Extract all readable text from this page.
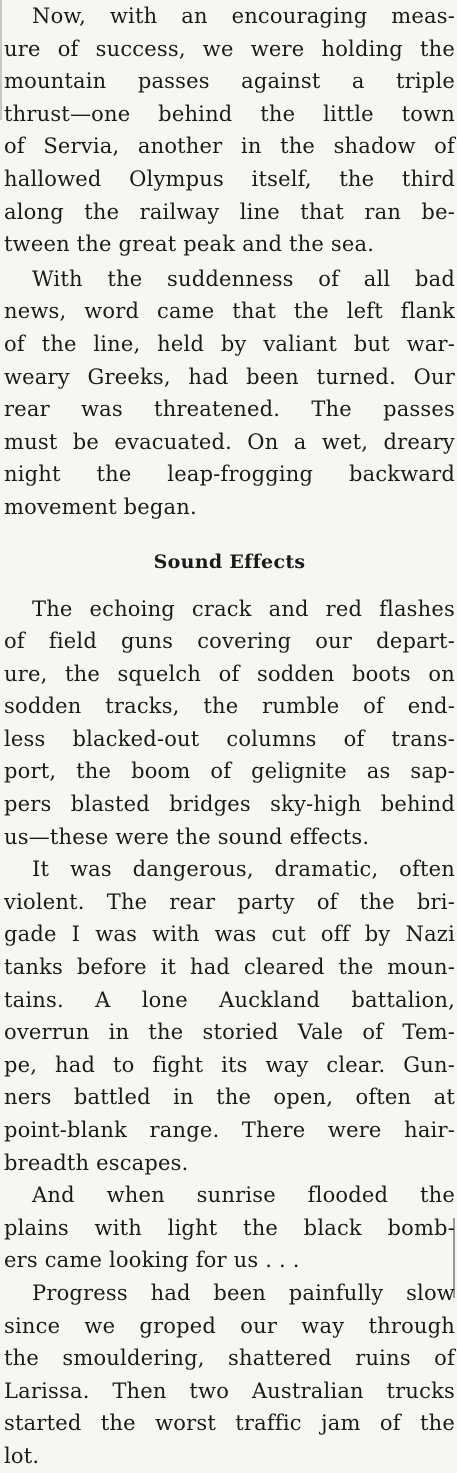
Now, with an encouraging meas-
ure of success, we were holding the
mountain passes against a triple
thrust—one behind the little town
of Servia, another in the shadow of
hallowed Olympus itself, the third
along the railway line that ran be-
tween the great peak and the sea.
With the suddenness of all bad
news, word came that the left flank
of the line, held by valiant but war-
weary Greeks, had been turned. Our
rear was threatened. The passes
must be evacuated. On a wet, dreary
night the leap-frogging backward
movement began.
Sound Effects
The echoing crack and red flashes
of field guns covering our depart-
ure, the squelch of sodden boots on
sodden tracks, the rumble of end-
less blacked-out columns of trans-
port, the boom of gelignite as sap-
pers blasted bridges sky-high behind
us—these were the sound effects.
It was dangerous, dramatic, often
violent. The rear party of the bri-
gade I was with was cut off by Nazi
tanks before it had cleared the moun-
tains. A lone Auckland battalion,
overrun in the storied Vale of Tem-
pe, had to fight its way clear. Gun-
ners battled in the open, often at
point-blank range. There were hair-
breadth escapes.
And when sunrise flooded the
plains with light the black bomb-
ers came looking for us . . .
Progress had been painfully slow
since we groped our way through
the smouldering, shattered ruins of
Larissa. Then two Australian trucks
started the worst traffic jam of the
lot.
